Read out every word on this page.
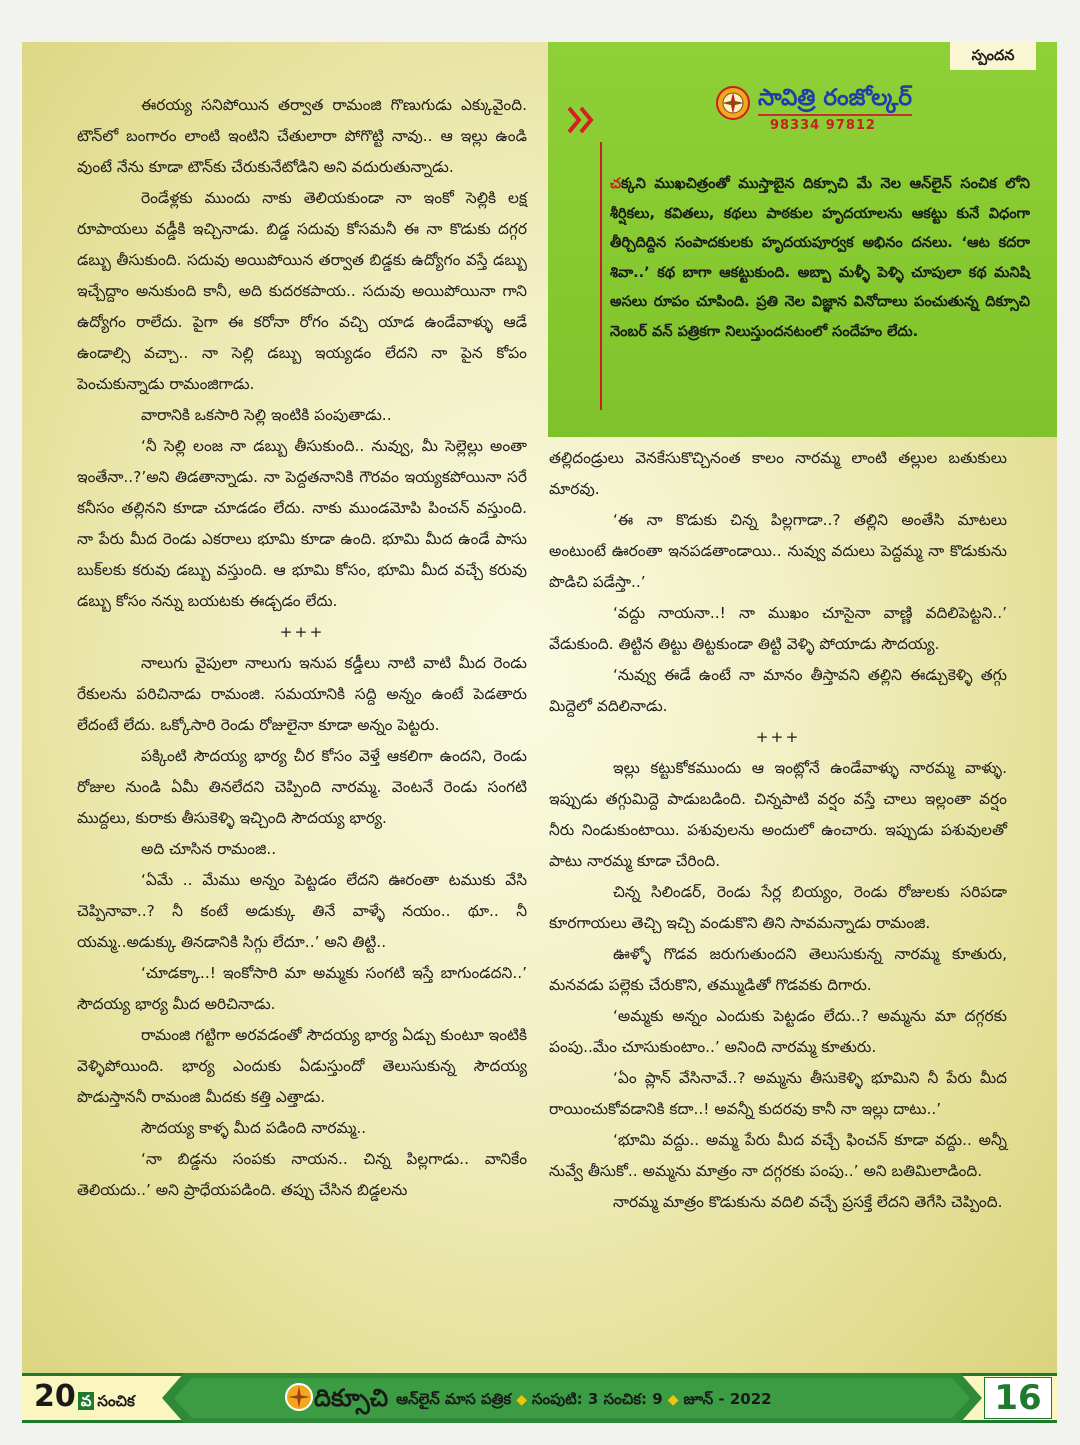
ఈరయ్య సనిపోయిన తర్వాత రామంజి గొణుగుడు ఎక్కువైంది. టౌన్‌లో బంగారం లాంటి ఇంటిని చేతులారా పోగొట్టి నావు.. ఆ ఇల్లు ఉండి వుంటే నేను కూడా టౌన్‌కు చేరుకునేటోడిని అని వదురుతున్నాడు.

రెండేళ్లకు ముందు నాకు తెలియకుండా నా ఇంకో సెల్లికి లక్ష రూపాయలు వడ్డీకి ఇచ్చినాడు. బిడ్డ సదువు కోసమనీ ఈ నా కొడుకు దగ్గర డబ్బు తీసుకుంది. సదువు అయిపోయిన తర్వాత బిడ్డకు ఉద్యోగం వస్తే డబ్బు ఇచ్చేద్దాం అనుకుంది కానీ, అది కుదరకపాయ.. సదువు అయిపోయినా గాని ఉద్యోగం రాలేదు. పైగా ఈ కరోనా రోగం వచ్చి యాడ ఉండేవాళ్ళు ఆడే ఉండాల్సి వచ్చా.. నా సెల్లి డబ్బు ఇయ్యడం లేదని నా పైన కోపం పెంచుకున్నాడు రామంజిగాడు.

వారానికి ఒకసారి సెల్లి ఇంటికి పంపుతాడు..

‘నీ సెల్లి లంజ నా డబ్బు తీసుకుంది.. నువ్వు, మీ సెల్లెల్లు అంతా ఇంతేనా..?’అని తిడతాన్నాడు. నా పెద్దతనానికి గౌరవం ఇయ్యకపోయినా సరే కనీసం తల్లినని కూడా చూడడం లేదు. నాకు ముండమోపి పించన్ వస్తుంది. నా పేరు మీద రెండు ఎకరాలు భూమి కూడా ఉంది. భూమి మీద ఉండే పాసు బుక్‌లకు కరువు డబ్బు వస్తుంది. ఆ భూమి కోసం, భూమి మీద వచ్చే కరువు డబ్బు కోసం నన్ను బయటకు ఈడ్చడం లేదు.

+++

నాలుగు వైపులా నాలుగు ఇనుప కడ్డీలు నాటి వాటి మీద రెండు రేకులను పరిచినాడు రామంజి. సమయానికి సద్ది అన్నం ఉంటే పెడతారు లేదంటే లేదు. ఒక్కోసారి రెండు రోజులైనా కూడా అన్నం పెట్టరు.

పక్కింటి సౌదయ్య భార్య చీర కోసం వెళ్తే ఆకలిగా ఉందని, రెండు రోజుల నుండి ఏమీ తినలేదని చెప్పింది నారమ్మ. వెంటనే రెండు సంగటి ముద్దలు, కురాకు తీసుకెళ్ళి ఇచ్చింది సౌదయ్య భార్య.

అది చూసిన రామంజి..

‘ఏమే .. మేము అన్నం పెట్టడం లేదని ఊరంతా టముకు వేసి చెప్పినావా..? నీ కంటే అడుక్కు తినే వాళ్ళే నయం.. థూ.. నీ యమ్మ..అడుక్కు తినడానికి సిగ్గు లేదూ..’ అని తిట్టి..

‘చూడక్కా..! ఇంకోసారి మా అమ్మకు సంగటి ఇస్తే బాగుండదని..’ సౌదయ్య భార్య మీద అరిచినాడు.

రామంజి గట్టిగా అరవడంతో సౌదయ్య భార్య ఏడ్చు కుంటూ ఇంటికి వెళ్ళిపోయింది. భార్య ఎందుకు ఏడుస్తుందో తెలుసుకున్న సౌదయ్య పొడుస్తాననీ రామంజి మీదకు కత్తి ఎత్తాడు.

సౌదయ్య కాళ్ళ మీద పడింది నారమ్మ..

‘నా బిడ్డను సంపకు నాయన.. చిన్న పిల్లగాడు.. వానికేం తెలియదు..’ అని ప్రాధేయపడింది. తప్పు చేసిన బిడ్డలను

సావిత్రి రంజోల్కర్
98334 97812

చక్కని ముఖచిత్రంతో ముస్తాబైన దిక్సూచి మే నెల ఆన్‌లైన్ సంచిక లోని శీర్షికలు, కవితలు, కథలు పాఠకుల హృదయాలను ఆకట్టు కునే విధంగా తీర్చిదిద్దిన సంపాదకులకు హృదయపూర్వక అభినం దనలు. ‘ఆట కదరా శివా..’ కథ బాగా ఆకట్టుకుంది. అబ్బా మళ్ళీ పెళ్ళి చూపులా కథ మనిషి అసలు రూపం చూపింది. ప్రతి నెల విజ్ఞాన వినోదాలు పంచుతున్న దిక్సూచి నెంబర్ వన్ పత్రికగా నిలుస్తుందనటంలో సందేహం లేదు.

తల్లిదండ్రులు వెనకేసుకొచ్చినంత కాలం నారమ్మ లాంటి తల్లుల బతుకులు మారవు.

‘ఈ నా కొడుకు చిన్న పిల్లగాడా..? తల్లిని అంతేసి మాటలు అంటుంటే ఊరంతా ఇనపడతాండాయి.. నువ్వు వదులు పెద్దమ్మ నా కొడుకును పొడిచి పడేస్తా..’

‘వద్దు నాయనా..! నా ముఖం చూసైనా వాణ్ణి వదిలిపెట్టని..’ వేడుకుంది. తిట్టిన తిట్టు తిట్టకుండా తిట్టి వెళ్ళి పోయాడు సౌదయ్య.

‘నువ్వు ఈడే ఉంటే నా మానం తీస్తావని తల్లిని ఈడ్చుకెళ్ళి తగ్గు మిద్దెలో వదిలినాడు.

+++

ఇల్లు కట్టుకోకముందు ఆ ఇంట్లోనే ఉండేవాళ్ళు నారమ్మ వాళ్ళు. ఇప్పుడు తగ్గుమిద్దె పాడుబడింది. చిన్నపాటి వర్షం వస్తే చాలు ఇల్లంతా వర్షం నీరు నిండుకుంటాయి. పశువులను అందులో ఉంచారు. ఇప్పుడు పశువులతో పాటు నారమ్మ కూడా చేరింది.

చిన్న సిలిండర్, రెండు సేర్ల బియ్యం, రెండు రోజులకు సరిపడా కూరగాయలు తెచ్చి ఇచ్చి వండుకొని తిని సావమన్నాడు రామంజి.

ఊళ్ళో గొడవ జరుగుతుందని తెలుసుకున్న నారమ్మ కూతురు, మనవడు పల్లెకు చేరుకొని, తమ్ముడితో గొడవకు దిగారు.

‘అమ్మకు అన్నం ఎందుకు పెట్టడం లేదు..? అమ్మను మా దగ్గరకు పంపు..మేం చూసుకుంటాం..’ అనింది నారమ్మ కూతురు.

‘ఏం ప్లాన్ వేసినావే..? అమ్మను తీసుకెళ్ళి భూమిని నీ పేరు మీద రాయించుకోవడానికి కదా..! అవన్నీ కుదరవు కానీ నా ఇల్లు దాటు..’

‘భూమి వద్దు.. అమ్మ పేరు మీద వచ్చే ఫించన్ కూడా వద్దు.. అన్నీ నువ్వే తీసుకో.. అమ్మను మాత్రం నా దగ్గరకు పంపు..’ అని బతిమిలాడింది.

నారమ్మ మాత్రం కొడుకును వదిలి వచ్చే ప్రసక్తే లేదని తెగేసి చెప్పింది.

స్పందన
20 వ సంచిక	దిక్సూచి ఆన్‌లైన్ మాస పత్రిక ◆ సంపుటి: 3 సంచిక: 9 ◆ జూన్ - 2022	16
